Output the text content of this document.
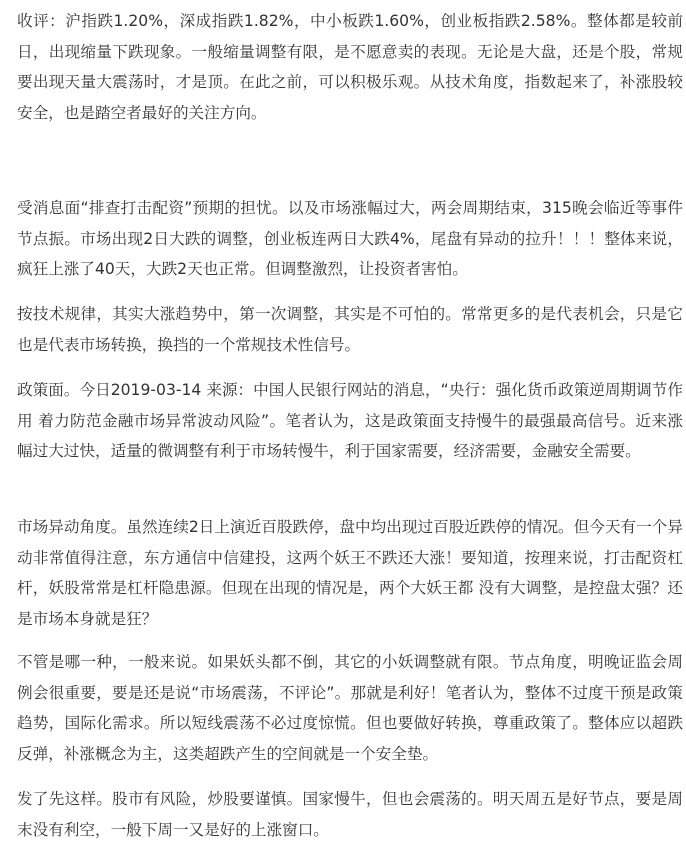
收评：沪指跌1.20%，深成指跌1.82%，中小板跌1.60%，创业板指跌2.58%。整体都是较前日，出现缩量下跌现象。一般缩量调整有限，是不愿意卖的表现。无论是大盘，还是个股，常规要出现天量大震荡时，才是顶。在此之前，可以积极乐观。从技术角度，指数起来了，补涨股较安全，也是踏空者最好的关注方向。

受消息面“排查打击配资”预期的担忧。以及市场涨幅过大，两会周期结束，315晚会临近等事件节点振。市场出现2日大跌的调整，创业板连两日大跌4%，尾盘有异动的拉升！！！整体来说，疯狂上涨了40天，大跌2天也正常。但调整激烈，让投资者害怕。

按技术规律，其实大涨趋势中，第一次调整，其实是不可怕的。常常更多的是代表机会，只是它也是代表市场转换，换挡的一个常规技术性信号。

政策面。今日2019-03-14 来源：中国人民银行网站的消息，“央行：强化货币政策逆周期调节作用 着力防范金融市场异常波动风险”。笔者认为，这是政策面支持慢牛的最强最高信号。近来涨幅过大过快，适量的微调整有利于市场转慢牛，利于国家需要，经济需要，金融安全需要。

市场异动角度。虽然连续2日上演近百股跌停，盘中均出现过百股近跌停的情况。但今天有一个异动非常值得注意，东方通信中信建投，这两个妖王不跌还大涨！要知道，按理来说，打击配资杠杆，妖股常常是杠杆隐患源。但现在出现的情况是，两个大妖王都 没有大调整，是控盘太强？还是市场本身就是狂？

不管是哪一种，一般来说。如果妖头都不倒，其它的小妖调整就有限。节点角度，明晚证监会周例会很重要，要是还是说“市场震荡，不评论”。那就是利好！笔者认为，整体不过度干预是政策趋势，国际化需求。所以短线震荡不必过度惊慌。但也要做好转换，尊重政策了。整体应以超跌反弹，补涨概念为主，这类超跌产生的空间就是一个安全垫。

发了先这样。股市有风险，炒股要谨慎。国家慢牛，但也会震荡的。明天周五是好节点，要是周末没有利空，一般下周一又是好的上涨窗口。
